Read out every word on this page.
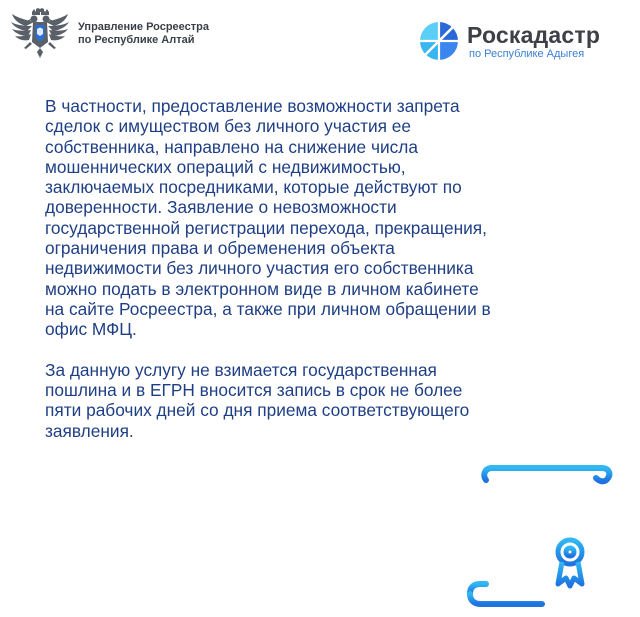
Управление Росреестра
по Республике Алтай	Роскадастр
по Республике Адыгея

В частности, предоставление возможности запрета
сделок с имуществом без личного участия ее
собственника, направлено на снижение числа
мошеннических операций с недвижимостью,
заключаемых посредниками, которые действуют по
доверенности. Заявление о невозможности
государственной регистрации перехода, прекращения,
ограничения права и обременения объекта
недвижимости без личного участия его собственника
можно подать в электронном виде в личном кабинете
на сайте Росреестра, а также при личном обращении в
офис МФЦ.

За данную услугу не взимается государственная
пошлина и в ЕГРН вносится запись в срок не более
пяти рабочих дней со дня приема соответствующего
заявления.
